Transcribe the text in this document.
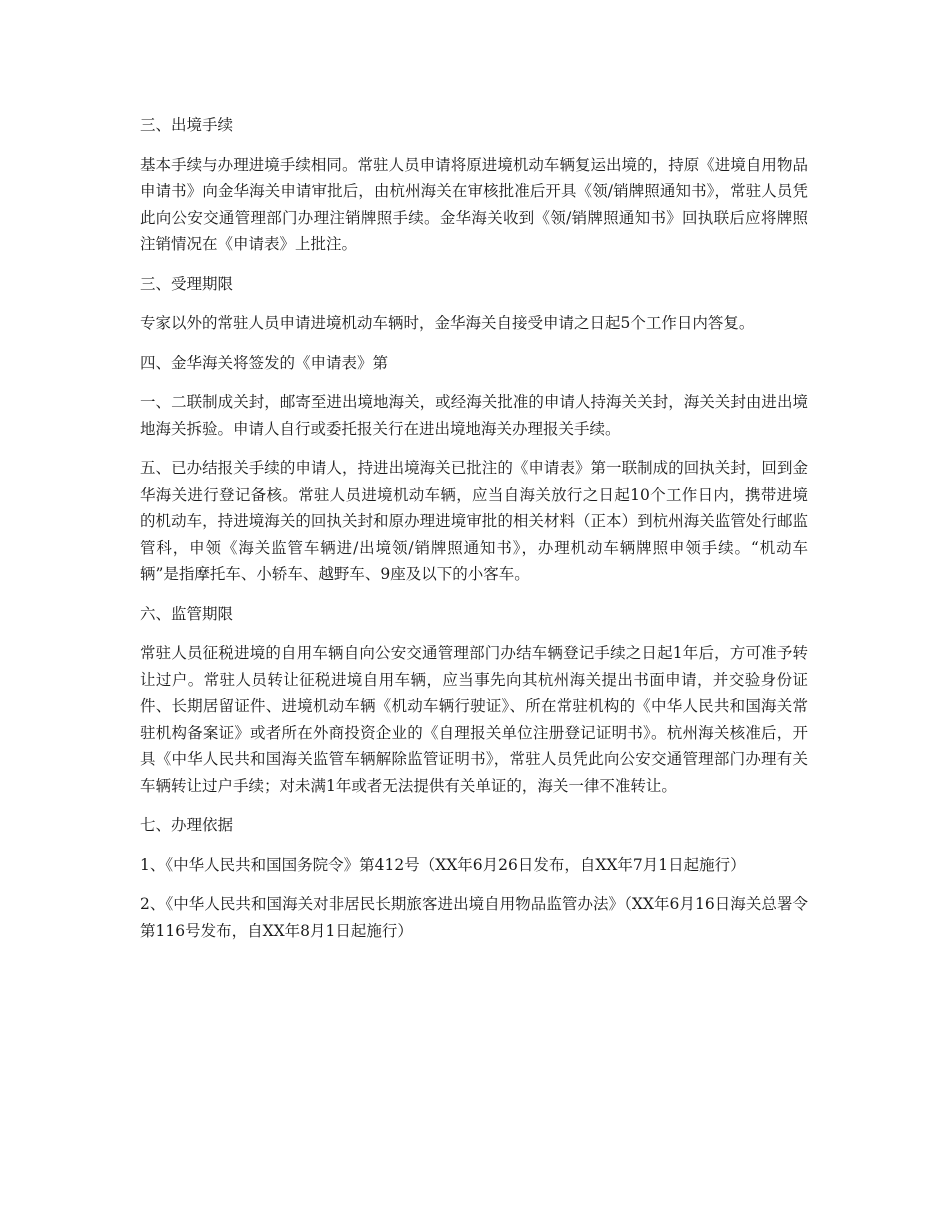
三、出境手续

基本手续与办理进境手续相同。常驻人员申请将原进境机动车辆复运出境的，持原《进境自用物品申请书》向金华海关申请审批后，由杭州海关在审核批准后开具《领/销牌照通知书》，常驻人员凭此向公安交通管理部门办理注销牌照手续。金华海关收到《领/销牌照通知书》回执联后应将牌照注销情况在《申请表》上批注。

三、受理期限

专家以外的常驻人员申请进境机动车辆时，金华海关自接受申请之日起5个工作日内答复。

四、金华海关将签发的《申请表》第

一、二联制成关封，邮寄至进出境地海关，或经海关批准的申请人持海关关封，海关关封由进出境地海关拆验。申请人自行或委托报关行在进出境地海关办理报关手续。

五、已办结报关手续的申请人，持进出境海关已批注的《申请表》第一联制成的回执关封，回到金华海关进行登记备核。常驻人员进境机动车辆，应当自海关放行之日起10个工作日内，携带进境的机动车，持进境海关的回执关封和原办理进境审批的相关材料（正本）到杭州海关监管处行邮监管科，申领《海关监管车辆进/出境领/销牌照通知书》，办理机动车辆牌照申领手续。“机动车辆”是指摩托车、小轿车、越野车、9座及以下的小客车。

六、监管期限

常驻人员征税进境的自用车辆自向公安交通管理部门办结车辆登记手续之日起1年后，方可准予转让过户。常驻人员转让征税进境自用车辆，应当事先向其杭州海关提出书面申请，并交验身份证件、长期居留证件、进境机动车辆《机动车辆行驶证》、所在常驻机构的《中华人民共和国海关常驻机构备案证》或者所在外商投资企业的《自理报关单位注册登记证明书》。杭州海关核准后，开具《中华人民共和国海关监管车辆解除监管证明书》，常驻人员凭此向公安交通管理部门办理有关车辆转让过户手续；对未满1年或者无法提供有关单证的，海关一律不准转让。

七、办理依据

1、《中华人民共和国国务院令》第412号（XX年6月26日发布，自XX年7月1日起施行）

2、《中华人民共和国海关对非居民长期旅客进出境自用物品监管办法》（XX年6月16日海关总署令第116号发布，自XX年8月1日起施行）
